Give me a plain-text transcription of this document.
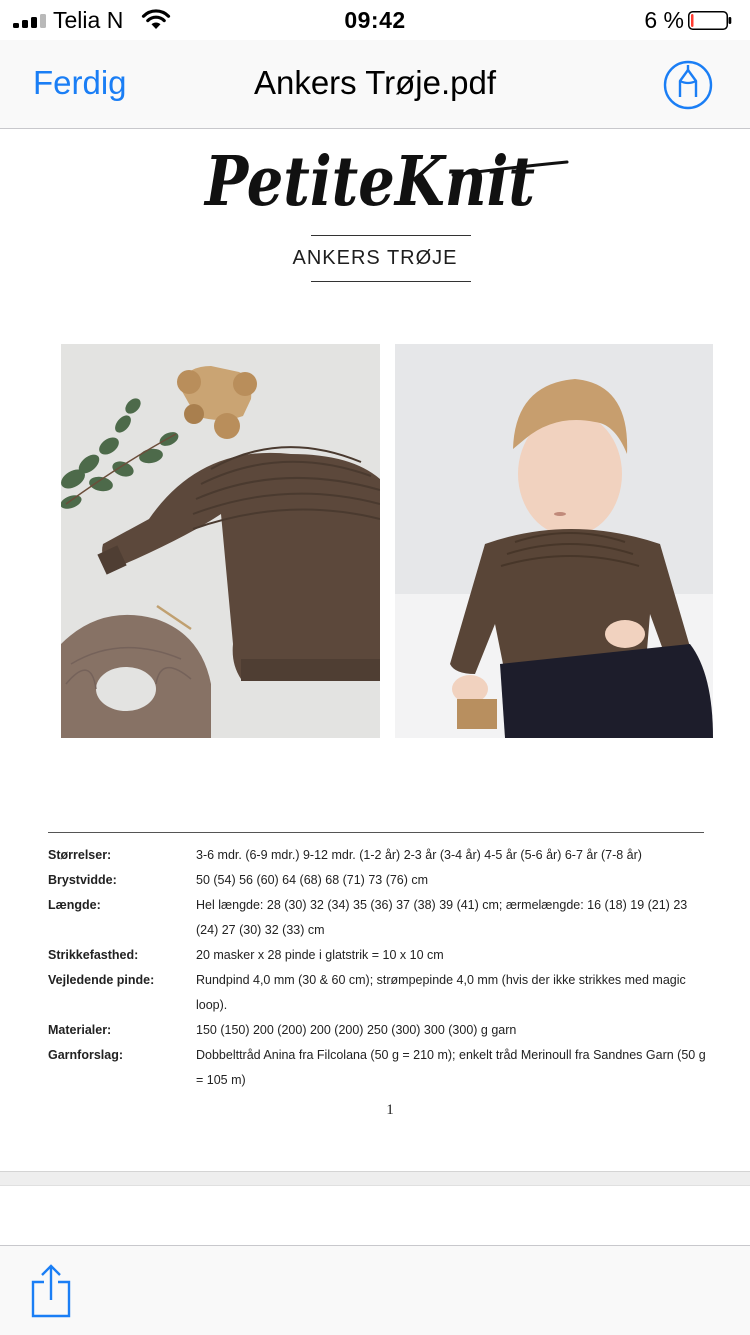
Telia N	09:42	6 %
Ferdig	Ankers Trøje.pdf
PetiteKnit
ANKERS TRØJE
Størrelser:	3-6 mdr. (6-9 mdr.) 9-12 mdr. (1-2 år) 2-3 år (3-4 år) 4-5 år (5-6 år) 6-7 år (7-8 år)
Brystvidde:	50 (54) 56 (60) 64 (68) 68 (71) 73 (76) cm
Længde:	Hel længde: 28 (30) 32 (34) 35 (36) 37 (38) 39 (41) cm; ærmelængde: 16 (18) 19 (21) 23 (24) 27 (30) 32 (33) cm
Strikkefasthed:	20 masker x 28 pinde i glatstrik = 10 x 10 cm
Vejledende pinde:	Rundpind 4,0 mm (30 & 60 cm); strømpepinde 4,0 mm (hvis der ikke strikkes med magic loop).
Materialer:	150 (150) 200 (200) 200 (200) 250 (300) 300 (300) g garn
Garnforslag:	Dobbelttråd Anina fra Filcolana (50 g = 210 m); enkelt tråd Merinoull fra Sandnes Garn (50 g = 105 m)
1
